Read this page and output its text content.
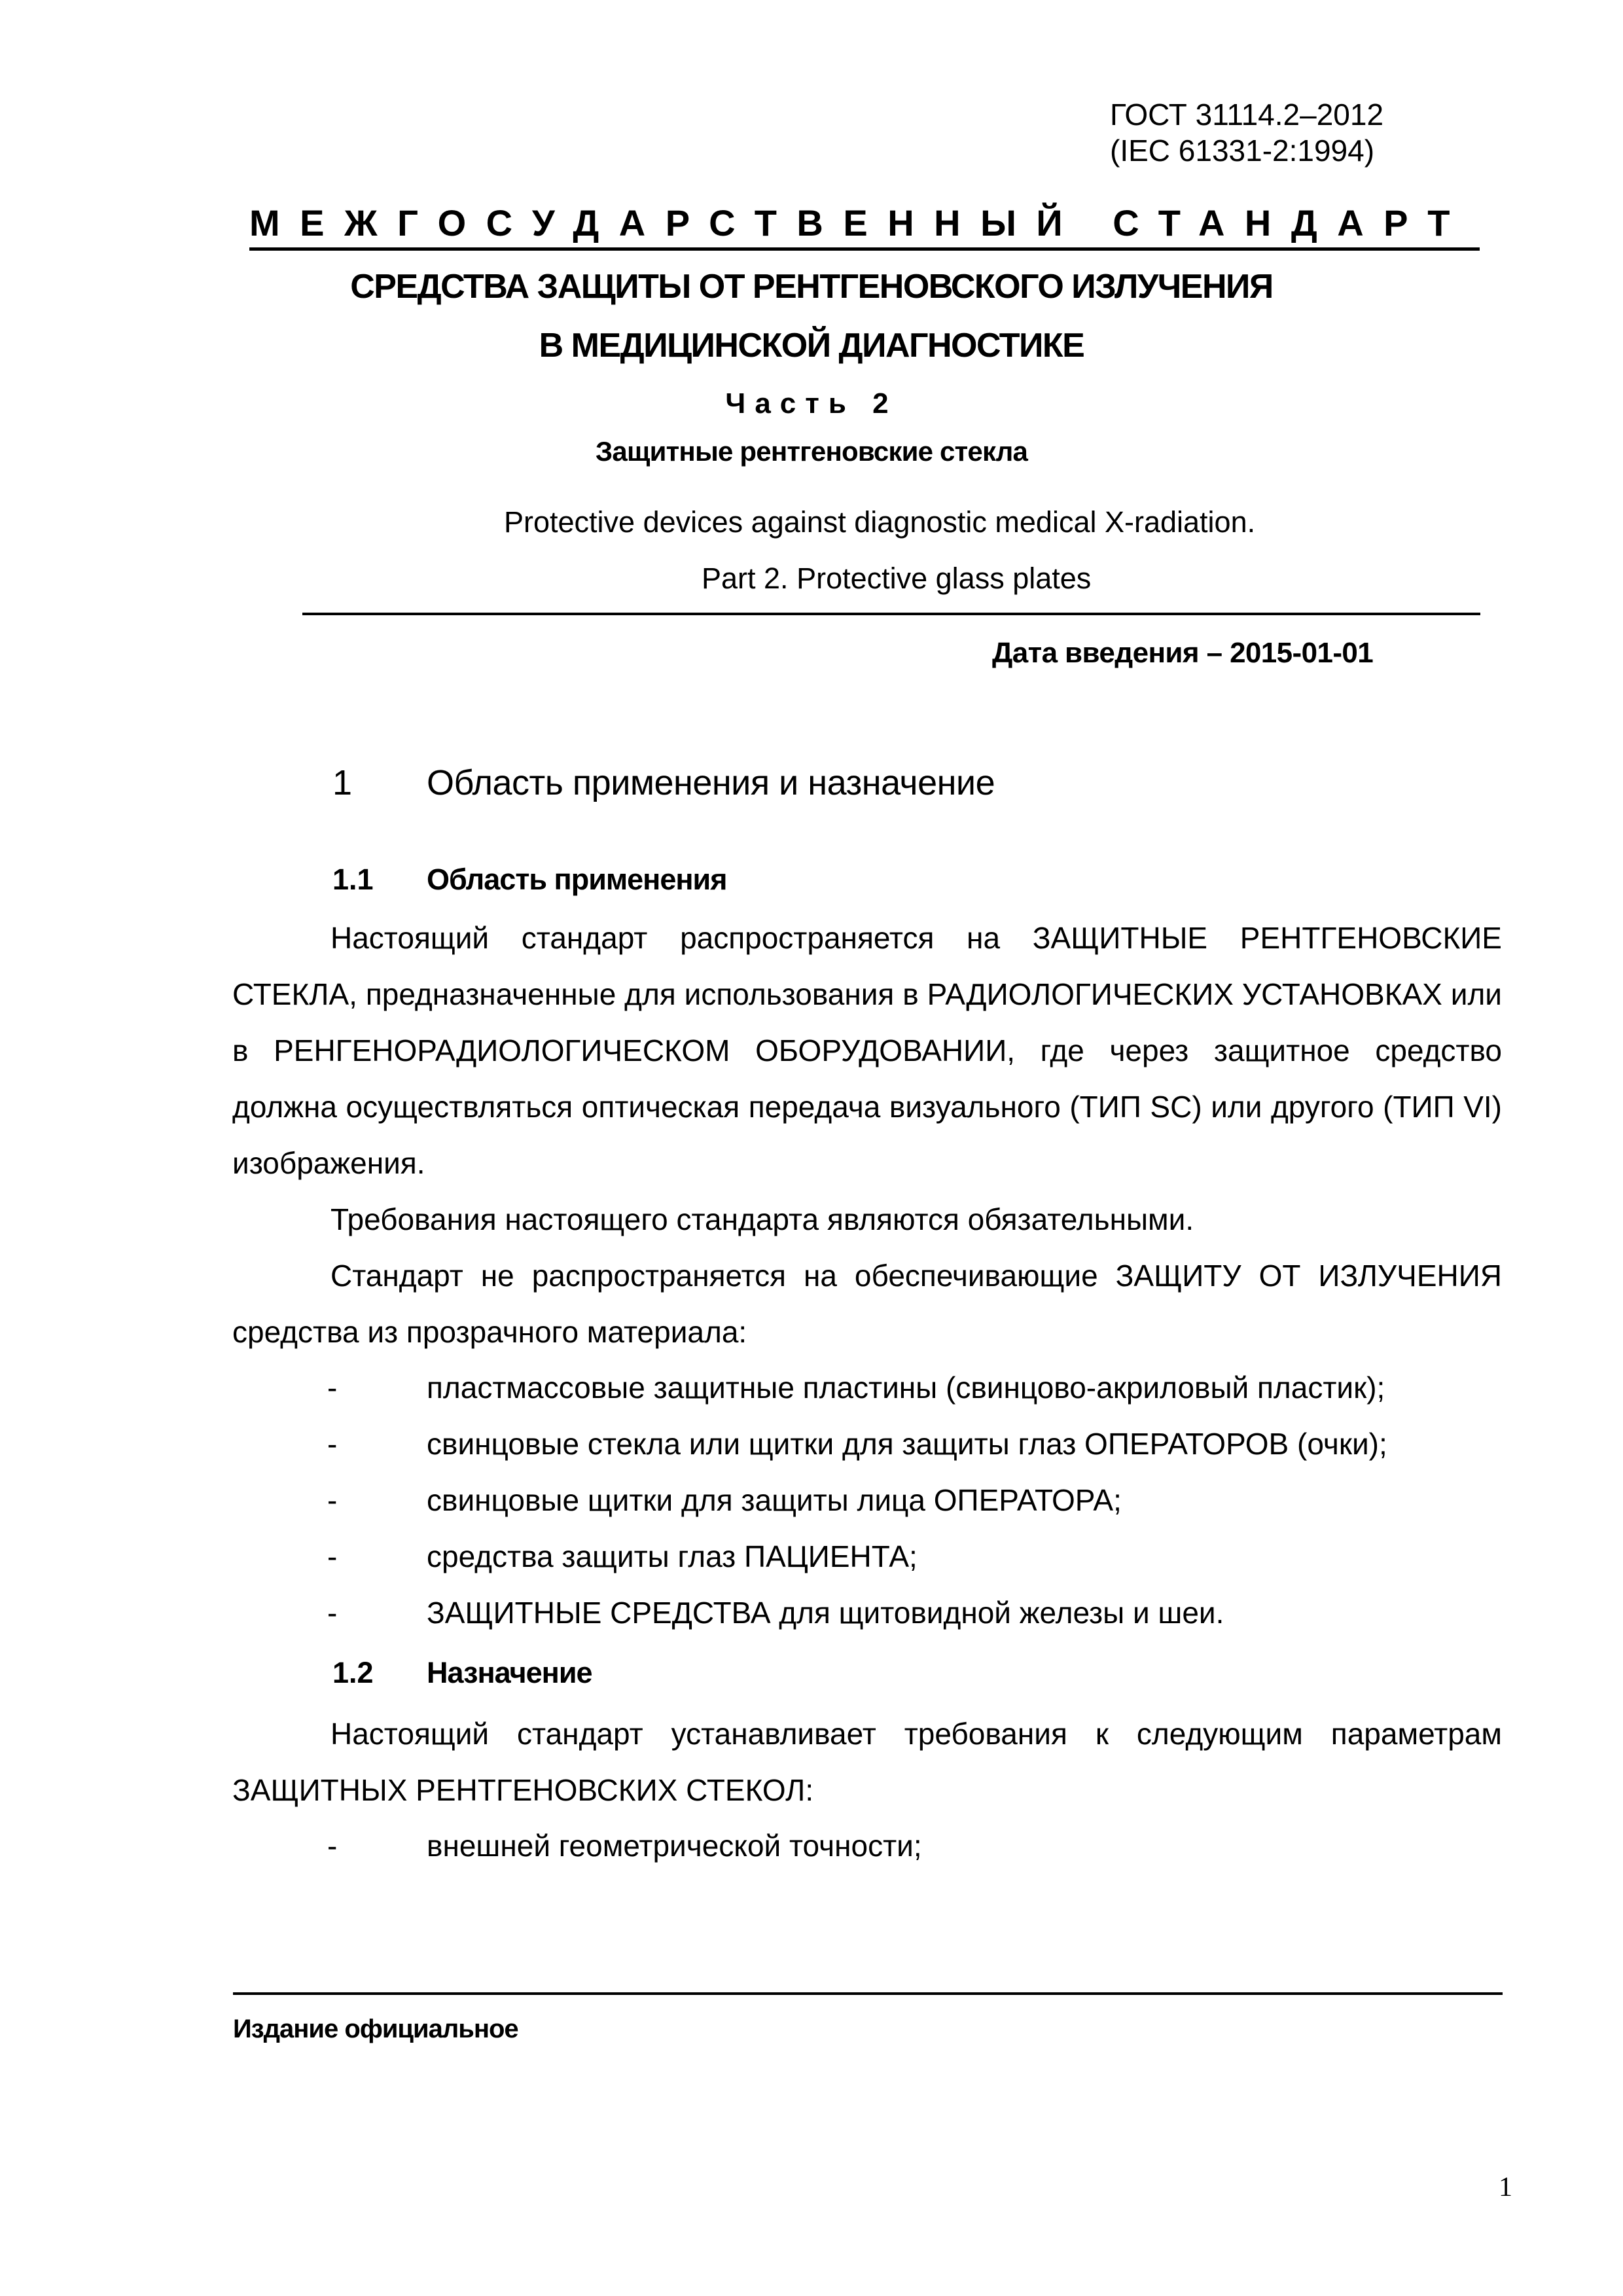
ГОСТ 31114.2–2012
(IEC 61331-2:1994)
МЕЖГОСУДАРСТВЕННЫЙ СТАНДАРТ
СРЕДСТВА ЗАЩИТЫ ОТ РЕНТГЕНОВСКОГО ИЗЛУЧЕНИЯ
В МЕДИЦИНСКОЙ ДИАГНОСТИКЕ
Часть 2
Защитные рентгеновские стекла
Protective devices against diagnostic medical X-radiation.
Part 2. Protective glass plates
Дата введения – 2015-01-01
1 Область применения и назначение
1.1 Область применения

Настоящий стандарт распространяется на ЗАЩИТНЫЕ РЕНТГЕНОВСКИЕ СТЕКЛА, предназначенные для использования в РАДИОЛОГИЧЕСКИХ УСТАНОВКАХ или в РЕНГЕНОРАДИОЛОГИЧЕСКОМ ОБОРУДОВАНИИ, где через защитное средство должна осуществляться оптическая передача визуального (ТИП SC) или другого (ТИП VI) изображения.

Требования настоящего стандарта являются обязательными.

Стандарт не распространяется на обеспечивающие ЗАЩИТУ ОТ ИЗЛУЧЕНИЯ средства из прозрачного материала:

-	пластмассовые защитные пластины (свинцово-акриловый пластик);
-	свинцовые стекла или щитки для защиты глаз ОПЕРАТОРОВ (очки);
-	свинцовые щитки для защиты лица ОПЕРАТОРА;
-	средства защиты глаз ПАЦИЕНТА;
-	ЗАЩИТНЫЕ СРЕДСТВА для щитовидной железы и шеи.
1.2 Назначение

Настоящий стандарт устанавливает требования к следующим параметрам ЗАЩИТНЫХ РЕНТГЕНОВСКИХ СТЕКОЛ:

-	внешней геометрической точности;
Издание официальное
1
